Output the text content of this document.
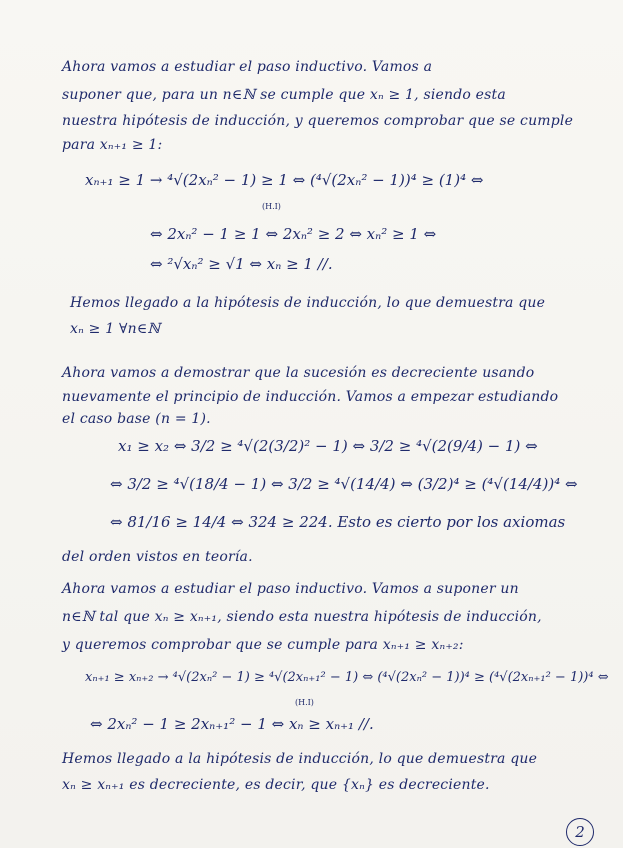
Ahora vamos a estudiar el paso inductivo. Vamos a
suponer que, para un n∈ℕ se cumple que xₙ ≥ 1, siendo esta
nuestra hipótesis de inducción, y queremos comprobar que se cumple
para xₙ₊₁ ≥ 1:
xₙ₊₁ ≥ 1 → ⁴√(2xₙ² − 1) ≥ 1 ⇔ (⁴√(2xₙ² − 1))⁴ ≥ (1)⁴ ⇔
(H.I)
⇔ 2xₙ² − 1 ≥ 1 ⇔ 2xₙ² ≥ 2 ⇔ xₙ² ≥ 1 ⇔
⇔ ²√xₙ² ≥ √1 ⇔ xₙ ≥ 1 //.
Hemos llegado a la hipótesis de inducción, lo que demuestra que
xₙ ≥ 1 ∀n∈ℕ
Ahora vamos a demostrar que la sucesión es decreciente usando
nuevamente el principio de inducción. Vamos a empezar estudiando
el caso base (n = 1).
x₁ ≥ x₂ ⇔ 3/2 ≥ ⁴√(2(3/2)² − 1) ⇔ 3/2 ≥ ⁴√(2(9/4) − 1) ⇔
⇔ 3/2 ≥ ⁴√(18/4 − 1) ⇔ 3/2 ≥ ⁴√(14/4) ⇔ (3/2)⁴ ≥ (⁴√(14/4))⁴ ⇔
⇔ 81/16 ≥ 14/4 ⇔ 324 ≥ 224. Esto es cierto por los axiomas
del orden vistos en teoría.
Ahora vamos a estudiar el paso inductivo. Vamos a suponer un
n∈ℕ tal que xₙ ≥ xₙ₊₁, siendo esta nuestra hipótesis de inducción,
y queremos comprobar que se cumple para xₙ₊₁ ≥ xₙ₊₂:
xₙ₊₁ ≥ xₙ₊₂ → ⁴√(2xₙ² − 1) ≥ ⁴√(2xₙ₊₁² − 1) ⇔ (⁴√(2xₙ² − 1))⁴ ≥ (⁴√(2xₙ₊₁² − 1))⁴ ⇔
(H.I)
⇔ 2xₙ² − 1 ≥ 2xₙ₊₁² − 1 ⇔ xₙ ≥ xₙ₊₁ //.
Hemos llegado a la hipótesis de inducción, lo que demuestra que
xₙ ≥ xₙ₊₁ es decreciente, es decir, que {xₙ} es decreciente.
2
